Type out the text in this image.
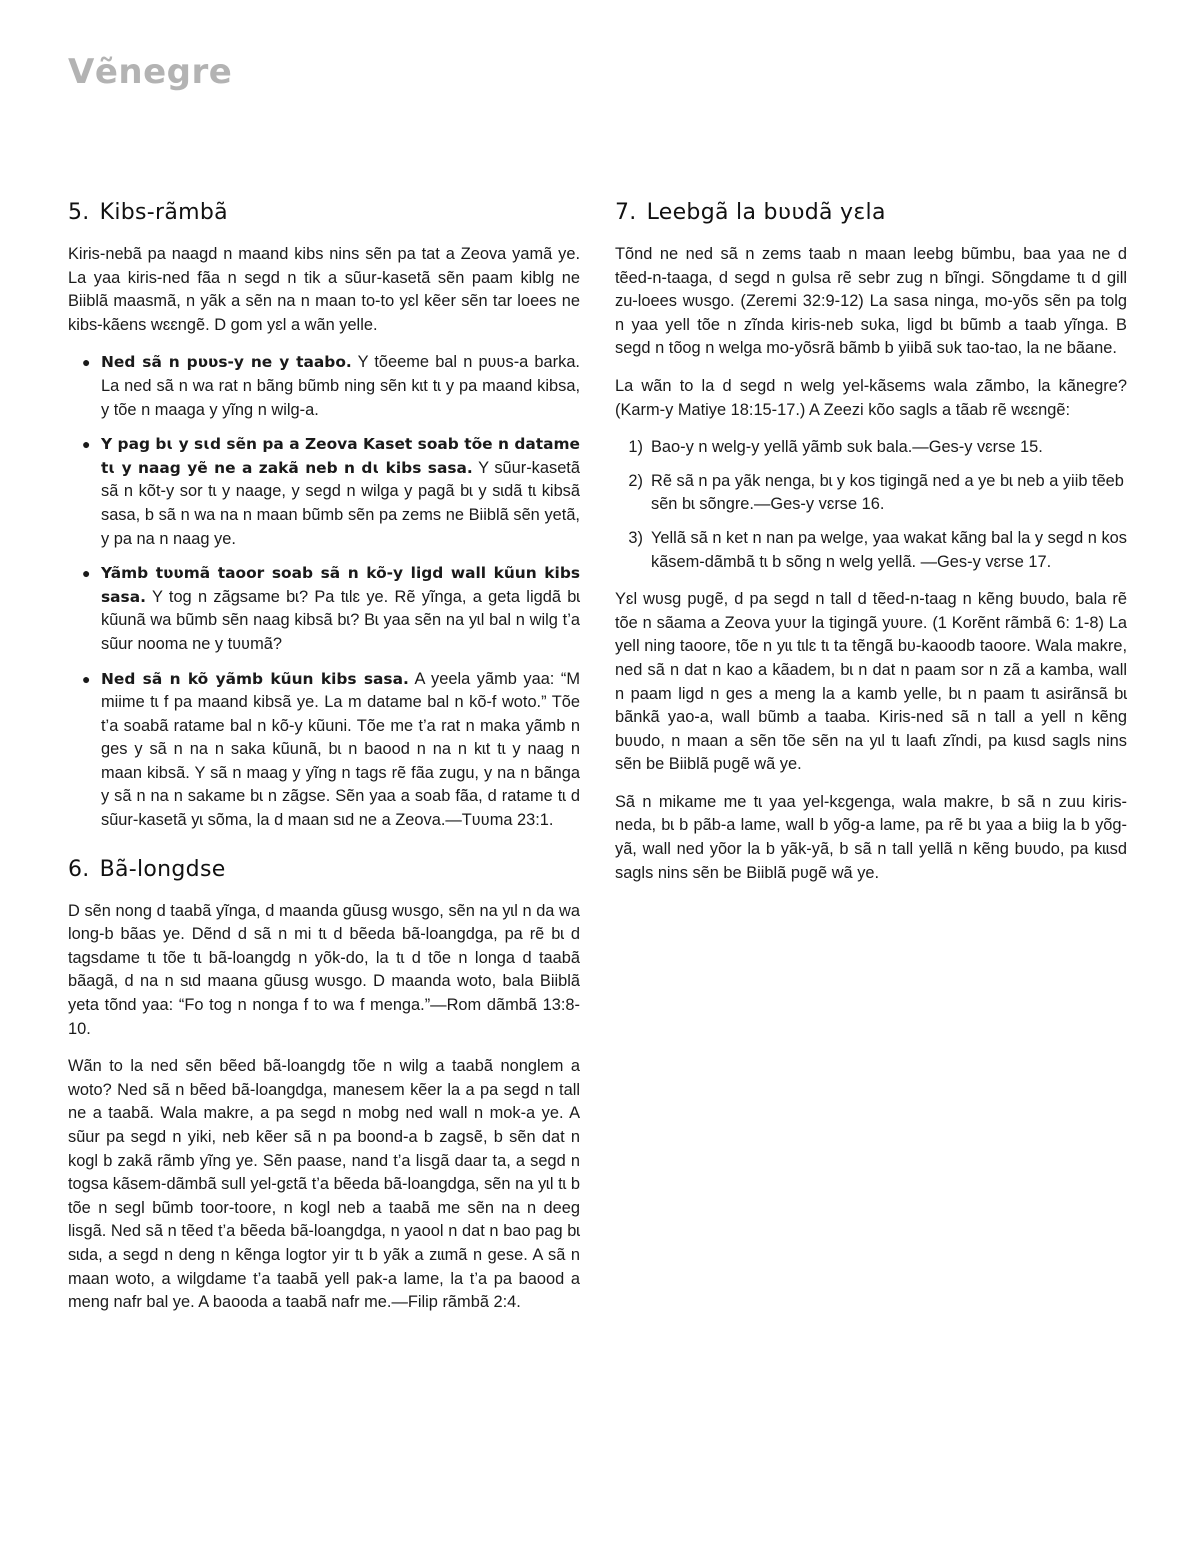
Vẽnegre
5. Kibs-rãmbã

Kiris-nebã pa naagd n maand kibs nins sẽn pa tat a Zeova yamã ye. La yaa kiris-ned fãa n segd n tik a sũur-kasetã sẽn paam kiblg ne Biiblã maasmã, n yãk a sẽn na n maan to-to yɛl kẽer sẽn tar loees ne kibs-kãens wɛɛngẽ. D gom yɛl a wãn yelle.

● Ned sã n pʋʋs-y ne y taabo. Y tõeeme bal n pʋʋs-a barka. La ned sã n wa rat n bãng bũmb ning sẽn kɩt tɩ y pa maand kibsa, y tõe n maaga y yĩng n wilg-a.
● Y pag bɩ y sɩd sẽn pa a Zeova Kaset soab tõe n datame tɩ y naag yẽ ne a zakã neb n dɩ kibs sasa. Y sũur-kasetã sã n kõt-y sor tɩ y naage, y segd n wilga y pagã bɩ y sɩdã tɩ kibsã sasa, b sã n wa na n maan bũmb sẽn pa zems ne Biiblã sẽn yetã, y pa na n naag ye.
● Yãmb tʋʋmã taoor soab sã n kõ-y ligd wall kũun kibs sasa. Y tog n zãgsame bɩ? Pa tɩlɛ ye. Rẽ yĩnga, a geta ligdã bɩ kũunã wa bũmb sẽn naag kibsã bɩ? Bɩ yaa sẽn na yɩl bal n wilg t’a sũur nooma ne y tʋʋmã?
● Ned sã n kõ yãmb kũun kibs sasa. A yeela yãmb yaa: “M miime tɩ f pa maand kibsã ye. La m datame bal n kõ-f woto.” Tõe t’a soabã ratame bal n kõ-y kũuni. Tõe me t’a rat n maka yãmb n ges y sã n na n saka kũunã, bɩ n baood n na n kɩt tɩ y naag n maan kibsã. Y sã n maag y yĩng n tags rẽ fãa zugu, y na n bãnga y sã n na n sakame bɩ n zãgse. Sẽn yaa a soab fãa, d ratame tɩ d sũur-kasetã yɩ sõma, la d maan sɩd ne a Zeova.—Tʋʋma 23:1.
6. Bã-longdse

D sẽn nong d taabã yĩnga, d maanda gũusg wʋsgo, sẽn na yɩl n da wa long-b bãas ye. Dẽnd d sã n mi tɩ d bẽeda bã-loangdga, pa rẽ bɩ d tagsdame tɩ tõe tɩ bã-loangdg n yõk-do, la tɩ d tõe n longa d taabã bãagã, d na n sɩd maana gũusg wʋsgo. D maanda woto, bala Biiblã yeta tõnd yaa: “Fo tog n nonga f to wa f menga.”—Rom dãmbã 13:8-10.

Wãn to la ned sẽn bẽed bã-loangdg tõe n wilg a taabã nonglem a woto? Ned sã n bẽed bã-loangdga, manesem kẽer la a pa segd n tall ne a taabã. Wala makre, a pa segd n mobg ned wall n mok-a ye. A sũur pa segd n yiki, neb kẽer sã n pa boond-a b zagsẽ, b sẽn dat n kogl b zakã rãmb yĩng ye. Sẽn paase, nand t’a lisgã daar ta, a segd n togsa kãsem-dãmbã sull yel-gɛtã t’a bẽeda bã-loangdga, sẽn na yɩl tɩ b tõe n segl bũmb toor-toore, n kogl neb a taabã me sẽn na n deeg lisgã. Ned sã n tẽed t’a bẽeda bã-loangdga, n yaool n dat n bao pag bɩ sɩda, a segd n deng n kẽnga logtor yir tɩ b yãk a zɩɩmã n gese. A sã n maan woto, a wilgdame t’a taabã yell pak-a lame, la t’a pa baood a meng nafr bal ye. A baooda a taabã nafr me.—Filip rãmbã 2:4.

7. Leebgã la bʋʋdã yɛla

Tõnd ne ned sã n zems taab n maan leebg bũmbu, baa yaa ne d tẽed-n-taaga, d segd n gʋlsa rẽ sebr zug n bĩngi. Sõngdame tɩ d gill zu-loees wʋsgo. (Zeremi 32:9-12) La sasa ninga, mo-yõs sẽn pa tolg n yaa yell tõe n zĩnda kiris-neb sʋka, ligd bɩ bũmb a taab yĩnga. B segd n tõog n welga mo-yõsrã bãmb b yiibã sʋk tao-tao, la ne bãane.

La wãn to la d segd n welg yel-kãsems wala zãmbo, la kãnegre? (Karm-y Matiye 18:15-17.) A Zeezi kõo sagls a tãab rẽ wɛɛngẽ:

1) Bao-y n welg-y yellã yãmb sʋk bala.—Ges-y vɛrse 15.
2) Rẽ sã n pa yãk nenga, bɩ y kos tigingã ned a ye bɩ neb a yiib tẽeb sẽn bɩ sõngre.—Ges-y vɛrse 16.
3) Yellã sã n ket n nan pa welge, yaa wakat kãng bal la y segd n kos kãsem-dãmbã tɩ b sõng n welg yellã. —Ges-y vɛrse 17.

Yɛl wʋsg pʋgẽ, d pa segd n tall d tẽed-n-taag n kẽng bʋʋdo, bala rẽ tõe n sãama a Zeova yʋʋr la tigingã yʋʋre. (1 Korẽnt rãmbã 6: 1-8) La yell ning taoore, tõe n yɩɩ tɩlɛ tɩ ta tẽngã bʋ-kaoodb taoore. Wala makre, ned sã n dat n kao a kãadem, bɩ n dat n paam sor n zã a kamba, wall n paam ligd n ges a meng la a kamb yelle, bɩ n paam tɩ asirãnsã bɩ bãnkã yao-a, wall bũmb a taaba. Kiris-ned sã n tall a yell n kẽng bʋʋdo, n maan a sẽn tõe sẽn na yɩl tɩ laafɩ zĩndi, pa kɩɩsd sagls nins sẽn be Biiblã pʋgẽ wã ye.

Sã n mikame me tɩ yaa yel-kɛgenga, wala makre, b sã n zuu kiris-neda, bɩ b pãb-a lame, wall b yõg-a lame, pa rẽ bɩ yaa a biig la b yõg-yã, wall ned yõor la b yãk-yã, b sã n tall yellã n kẽng bʋʋdo, pa kɩɩsd sagls nins sẽn be Biiblã pʋgẽ wã ye.
